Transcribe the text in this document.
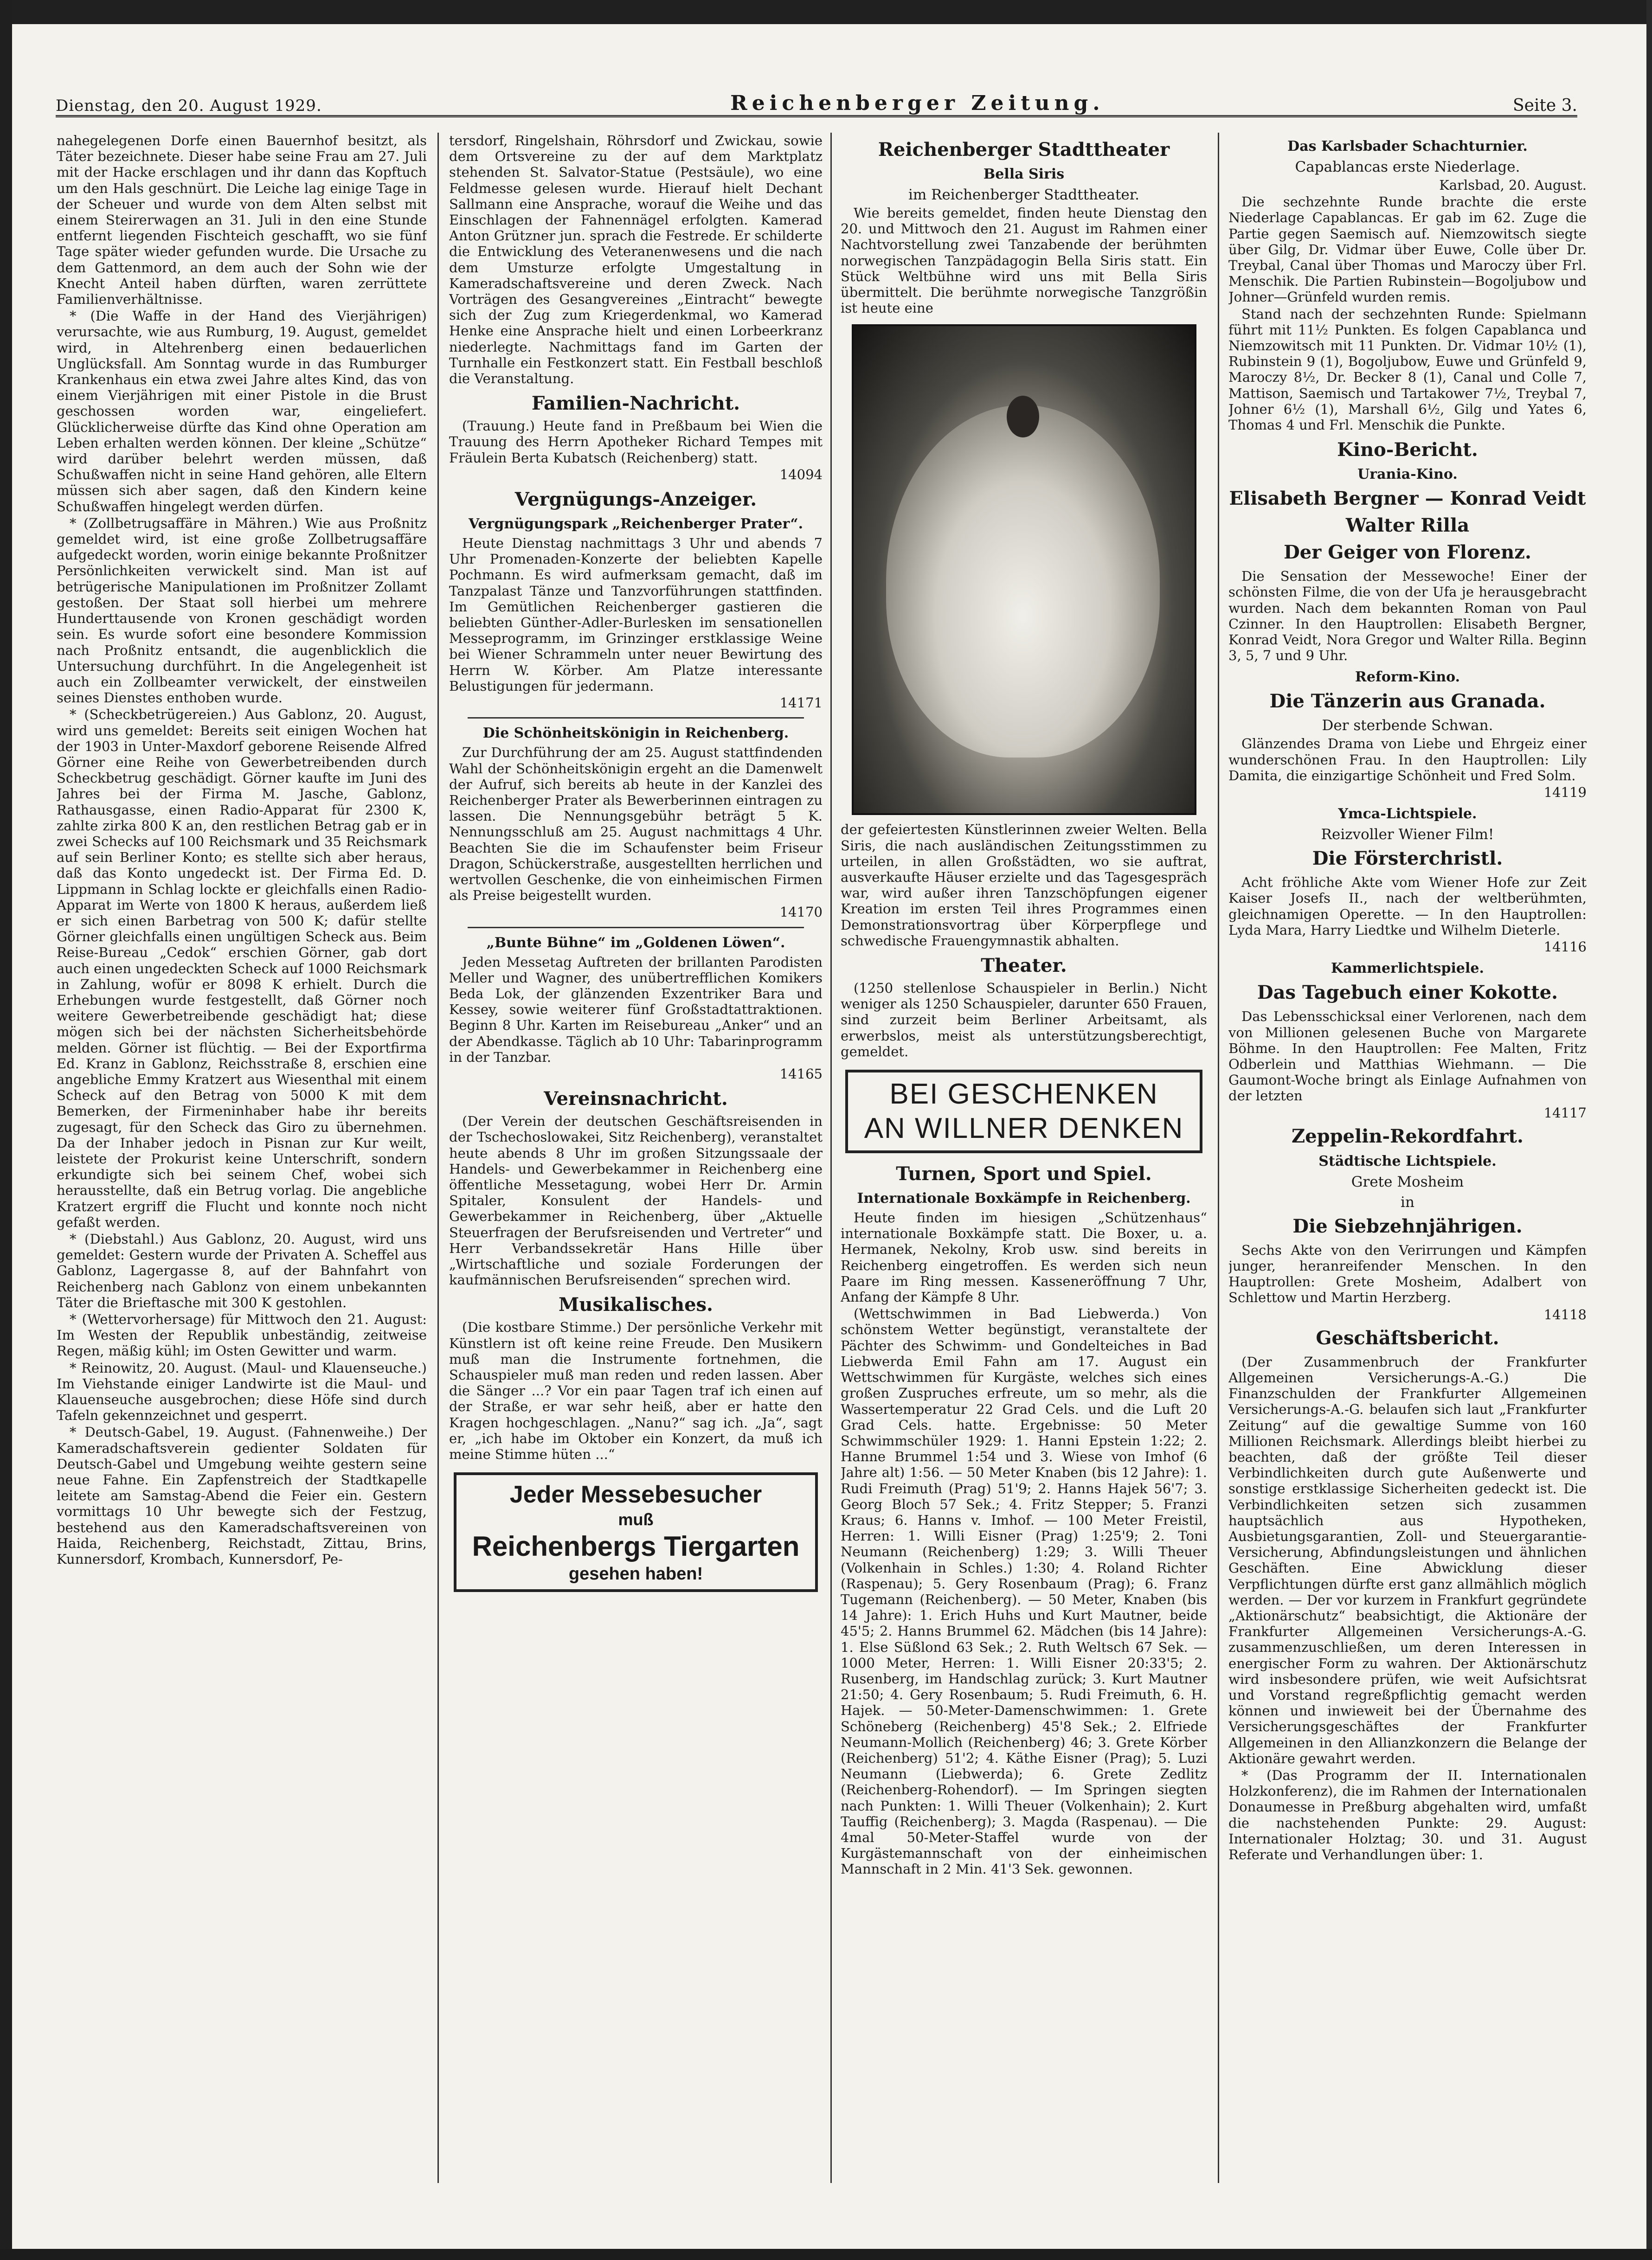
Dienstag, den 20. August 1929.	Reichenberger Zeitung.	Seite 3.

nahegelegenen Dorfe einen Bauernhof besitzt, als Täter bezeichnete. Dieser habe seine Frau am 27. Juli mit der Hacke erschlagen und ihr dann das Kopftuch um den Hals geschnürt. Die Leiche lag einige Tage in der Scheuer und wurde von dem Alten selbst mit einem Steirerwagen an 31. Juli in den eine Stunde entfernt liegenden Fischteich geschafft, wo sie fünf Tage später wieder gefunden wurde. Die Ursache zu dem Gattenmord, an dem auch der Sohn wie der Knecht Anteil haben dürften, waren zerrüttete Familienverhältnisse.

* (Die Waffe in der Hand des Vierjährigen) verursachte, wie aus Rumburg, 19. August, gemeldet wird, in Altehrenberg einen bedauerlichen Unglücksfall. Am Sonntag wurde in das Rumburger Krankenhaus ein etwa zwei Jahre altes Kind, das von einem Vierjährigen mit einer Pistole in die Brust geschossen worden war, eingeliefert. Glücklicherweise dürfte das Kind ohne Operation am Leben erhalten werden können. Der kleine „Schütze“ wird darüber belehrt werden müssen, daß Schußwaffen nicht in seine Hand gehören, alle Eltern müssen sich aber sagen, daß den Kindern keine Schußwaffen hingelegt werden dürfen.

* (Zollbetrugsaffäre in Mähren.) Wie aus Proßnitz gemeldet wird, ist eine große Zollbetrugsaffäre aufgedeckt worden, worin einige bekannte Proßnitzer Persönlichkeiten verwickelt sind. Man ist auf betrügerische Manipulationen im Proßnitzer Zollamt gestoßen. Der Staat soll hierbei um mehrere Hunderttausende von Kronen geschädigt worden sein. Es wurde sofort eine besondere Kommission nach Proßnitz entsandt, die augenblicklich die Untersuchung durchführt. In die Angelegenheit ist auch ein Zollbeamter verwickelt, der einstweilen seines Dienstes enthoben wurde.

* (Scheckbetrügereien.) Aus Gablonz, 20. August, wird uns gemeldet: Bereits seit einigen Wochen hat der 1903 in Unter-Maxdorf geborene Reisende Alfred Görner eine Reihe von Gewerbetreibenden durch Scheckbetrug geschädigt. Görner kaufte im Juni des Jahres bei der Firma M. Jasche, Gablonz, Rathausgasse, einen Radio-Apparat für 2300 K, zahlte zirka 800 K an, den restlichen Betrag gab er in zwei Schecks auf 100 Reichsmark und 35 Reichsmark auf sein Berliner Konto; es stellte sich aber heraus, daß das Konto ungedeckt ist. Der Firma Ed. D. Lippmann in Schlag lockte er gleichfalls einen Radio-Apparat im Werte von 1800 K heraus, außerdem ließ er sich einen Barbetrag von 500 K; dafür stellte Görner gleichfalls einen ungültigen Scheck aus. Beim Reise-Bureau „Cedok“ erschien Görner, gab dort auch einen ungedeckten Scheck auf 1000 Reichsmark in Zahlung, wofür er 8098 K erhielt. Durch die Erhebungen wurde festgestellt, daß Görner noch weitere Gewerbetreibende geschädigt hat; diese mögen sich bei der nächsten Sicherheitsbehörde melden. Görner ist flüchtig. — Bei der Exportfirma Ed. Kranz in Gablonz, Reichsstraße 8, erschien eine angebliche Emmy Kratzert aus Wiesenthal mit einem Scheck auf den Betrag von 5000 K mit dem Bemerken, der Firmeninhaber habe ihr bereits zugesagt, für den Scheck das Giro zu übernehmen. Da der Inhaber jedoch in Pisnan zur Kur weilt, leistete der Prokurist keine Unterschrift, sondern erkundigte sich bei seinem Chef, wobei sich herausstellte, daß ein Betrug vorlag. Die angebliche Kratzert ergriff die Flucht und konnte noch nicht gefaßt werden.

* (Diebstahl.) Aus Gablonz, 20. August, wird uns gemeldet: Gestern wurde der Privaten A. Scheffel aus Gablonz, Lagergasse 8, auf der Bahnfahrt von Reichenberg nach Gablonz von einem unbekannten Täter die Brieftasche mit 300 K gestohlen.

* (Wettervorhersage) für Mittwoch den 21. August: Im Westen der Republik unbeständig, zeitweise Regen, mäßig kühl; im Osten Gewitter und warm.

* Reinowitz, 20. August. (Maul- und Klauenseuche.) Im Viehstande einiger Landwirte ist die Maul- und Klauenseuche ausgebrochen; diese Höfe sind durch Tafeln gekennzeichnet und gesperrt.

* Deutsch-Gabel, 19. August. (Fahnenweihe.) Der Kameradschaftsverein gedienter Soldaten für Deutsch-Gabel und Umgebung weihte gestern seine neue Fahne. Ein Zapfenstreich der Stadtkapelle leitete am Samstag-Abend die Feier ein. Gestern vormittags 10 Uhr bewegte sich der Festzug, bestehend aus den Kameradschaftsvereinen von Haida, Reichenberg, Reichstadt, Zittau, Brins, Kunnersdorf, Krombach, Kunnersdorf, Pe-

tersdorf, Ringelshain, Röhrsdorf und Zwickau, sowie dem Ortsvereine zu der auf dem Marktplatz stehenden St. Salvator-Statue (Pestsäule), wo eine Feldmesse gelesen wurde. Hierauf hielt Dechant Sallmann eine Ansprache, worauf die Weihe und das Einschlagen der Fahnennägel erfolgten. Kamerad Anton Grützner jun. sprach die Festrede. Er schilderte die Entwicklung des Veteranenwesens und die nach dem Umsturze erfolgte Umgestaltung in Kameradschaftsvereine und deren Zweck. Nach Vorträgen des Gesangvereines „Eintracht“ bewegte sich der Zug zum Kriegerdenkmal, wo Kamerad Henke eine Ansprache hielt und einen Lorbeerkranz niederlegte. Nachmittags fand im Garten der Turnhalle ein Festkonzert statt. Ein Festball beschloß die Veranstaltung.

Familien-Nachricht.

(Trauung.) Heute fand in Preßbaum bei Wien die Trauung des Herrn Apotheker Richard Tempes mit Fräulein Berta Kubatsch (Reichenberg) statt.

14094
Vergnügungs-Anzeiger.
Vergnügungspark „Reichenberger Prater“.

Heute Dienstag nachmittags 3 Uhr und abends 7 Uhr Promenaden-Konzerte der beliebten Kapelle Pochmann. Es wird aufmerksam gemacht, daß im Tanzpalast Tänze und Tanzvorführungen stattfinden. Im Gemütlichen Reichenberger gastieren die beliebten Günther-Adler-Burlesken im sensationellen Messeprogramm, im Grinzinger erstklassige Weine bei Wiener Schrammeln unter neuer Bewirtung des Herrn W. Körber. Am Platze interessante Belustigungen für jedermann.

14171
Die Schönheitskönigin in Reichenberg.

Zur Durchführung der am 25. August stattfindenden Wahl der Schönheitskönigin ergeht an die Damenwelt der Aufruf, sich bereits ab heute in der Kanzlei des Reichenberger Prater als Bewerberinnen eintragen zu lassen. Die Nennungsgebühr beträgt 5 K. Nennungsschluß am 25. August nachmittags 4 Uhr. Beachten Sie die im Schaufenster beim Friseur Dragon, Schückerstraße, ausgestellten herrlichen und wertvollen Geschenke, die von einheimischen Firmen als Preise beigestellt wurden.

14170
„Bunte Bühne“ im „Goldenen Löwen“.

Jeden Messetag Auftreten der brillanten Parodisten Meller und Wagner, des unübertrefflichen Komikers Beda Lok, der glänzenden Exzentriker Bara und Kessey, sowie weiterer fünf Großstadtattraktionen. Beginn 8 Uhr. Karten im Reisebureau „Anker“ und an der Abendkasse. Täglich ab 10 Uhr: Tabarinprogramm in der Tanzbar.

14165
Vereinsnachricht.

(Der Verein der deutschen Geschäftsreisenden in der Tschechoslowakei, Sitz Reichenberg), veranstaltet heute abends 8 Uhr im großen Sitzungssaale der Handels- und Gewerbekammer in Reichenberg eine öffentliche Messetagung, wobei Herr Dr. Armin Spitaler, Konsulent der Handels- und Gewerbekammer in Reichenberg, über „Aktuelle Steuerfragen der Berufsreisenden und Vertreter“ und Herr Verbandssekretär Hans Hille über „Wirtschaftliche und soziale Forderungen der kaufmännischen Berufsreisenden“ sprechen wird.

Musikalisches.

(Die kostbare Stimme.) Der persönliche Verkehr mit Künstlern ist oft keine reine Freude. Den Musikern muß man die Instrumente fortnehmen, die Schauspieler muß man reden und reden lassen. Aber die Sänger ...? Vor ein paar Tagen traf ich einen auf der Straße, er war sehr heiß, aber er hatte den Kragen hochgeschlagen. „Nanu?“ sag ich. „Ja“, sagt er, „ich habe im Oktober ein Konzert, da muß ich meine Stimme hüten ...“

Jeder Messebesucher
muß
Reichenbergs Tiergarten
gesehen haben!
Reichenberger Stadttheater
Bella Siris
im Reichenberger Stadttheater.

Wie bereits gemeldet, finden heute Dienstag den 20. und Mittwoch den 21. August im Rahmen einer Nachtvorstellung zwei Tanzabende der berühmten norwegischen Tanzpädagogin Bella Siris statt. Ein Stück Weltbühne wird uns mit Bella Siris übermittelt. Die berühmte norwegische Tanzgrößin ist heute eine

der gefeiertesten Künstlerinnen zweier Welten. Bella Siris, die nach ausländischen Zeitungsstimmen zu urteilen, in allen Großstädten, wo sie auftrat, ausverkaufte Häuser erzielte und das Tagesgespräch war, wird außer ihren Tanzschöpfungen eigener Kreation im ersten Teil ihres Programmes einen Demonstrationsvortrag über Körperpflege und schwedische Frauengymnastik abhalten.

Theater.

(1250 stellenlose Schauspieler in Berlin.) Nicht weniger als 1250 Schauspieler, darunter 650 Frauen, sind zurzeit beim Berliner Arbeitsamt, als erwerbslos, meist als unterstützungsberechtigt, gemeldet.

BEI GESCHENKEN
AN WILLNER DENKEN
Turnen, Sport und Spiel.
Internationale Boxkämpfe in Reichenberg.

Heute finden im hiesigen „Schützenhaus“ internationale Boxkämpfe statt. Die Boxer, u. a. Hermanek, Nekolny, Krob usw. sind bereits in Reichenberg eingetroffen. Es werden sich neun Paare im Ring messen. Kasseneröffnung 7 Uhr, Anfang der Kämpfe 8 Uhr.

(Wettschwimmen in Bad Liebwerda.) Von schönstem Wetter begünstigt, veranstaltete der Pächter des Schwimm- und Gondelteiches in Bad Liebwerda Emil Fahn am 17. August ein Wettschwimmen für Kurgäste, welches sich eines großen Zuspruches erfreute, um so mehr, als die Wassertemperatur 22 Grad Cels. und die Luft 20 Grad Cels. hatte. Ergebnisse: 50 Meter Schwimmschüler 1929: 1. Hanni Epstein 1:22; 2. Hanne Brummel 1:54 und 3. Wiese von Imhof (6 Jahre alt) 1:56. — 50 Meter Knaben (bis 12 Jahre): 1. Rudi Freimuth (Prag) 51'9; 2. Hanns Hajek 56'7; 3. Georg Bloch 57 Sek.; 4. Fritz Stepper; 5. Franzi Kraus; 6. Hanns v. Imhof. — 100 Meter Freistil, Herren: 1. Willi Eisner (Prag) 1:25'9; 2. Toni Neumann (Reichenberg) 1:29; 3. Willi Theuer (Volkenhain in Schles.) 1:30; 4. Roland Richter (Raspenau); 5. Gery Rosenbaum (Prag); 6. Franz Tugemann (Reichenberg). — 50 Meter, Knaben (bis 14 Jahre): 1. Erich Huhs und Kurt Mautner, beide 45'5; 2. Hanns Brummel 62. Mädchen (bis 14 Jahre): 1. Else Süßlond 63 Sek.; 2. Ruth Weltsch 67 Sek. — 1000 Meter, Herren: 1. Willi Eisner 20:33'5; 2. Rusenberg, im Handschlag zurück; 3. Kurt Mautner 21:50; 4. Gery Rosenbaum; 5. Rudi Freimuth, 6. H. Hajek. — 50-Meter-Damenschwimmen: 1. Grete Schöneberg (Reichenberg) 45'8 Sek.; 2. Elfriede Neumann-Mollich (Reichenberg) 46; 3. Grete Körber (Reichenberg) 51'2; 4. Käthe Eisner (Prag); 5. Luzi Neumann (Liebwerda); 6. Grete Zedlitz (Reichenberg-Rohendorf). — Im Springen siegten nach Punkten: 1. Willi Theuer (Volkenhain); 2. Kurt Tauffig (Reichenberg); 3. Magda (Raspenau). — Die 4mal 50-Meter-Staffel wurde von der Kurgästemannschaft von der einheimischen Mannschaft in 2 Min. 41'3 Sek. gewonnen.

Das Karlsbader Schachturnier.
Capablancas erste Niederlage.

Karlsbad, 20. August.

Die sechzehnte Runde brachte die erste Niederlage Capablancas. Er gab im 62. Zuge die Partie gegen Saemisch auf. Niemzowitsch siegte über Gilg, Dr. Vidmar über Euwe, Colle über Dr. Treybal, Canal über Thomas und Maroczy über Frl. Menschik. Die Partien Rubinstein—Bogoljubow und Johner—Grünfeld wurden remis.

Stand nach der sechzehnten Runde: Spielmann führt mit 11½ Punkten. Es folgen Capablanca und Niemzowitsch mit 11 Punkten. Dr. Vidmar 10½ (1), Rubinstein 9 (1), Bogoljubow, Euwe und Grünfeld 9, Maroczy 8½, Dr. Becker 8 (1), Canal und Colle 7, Mattison, Saemisch und Tartakower 7½, Treybal 7, Johner 6½ (1), Marshall 6½, Gilg und Yates 6, Thomas 4 und Frl. Menschik die Punkte.

Kino-Bericht.
Urania-Kino.
Elisabeth Bergner — Konrad Veidt
Walter Rilla
Der Geiger von Florenz.

Die Sensation der Messewoche! Einer der schönsten Filme, die von der Ufa je herausgebracht wurden. Nach dem bekannten Roman von Paul Czinner. In den Hauptrollen: Elisabeth Bergner, Konrad Veidt, Nora Gregor und Walter Rilla. Beginn 3, 5, 7 und 9 Uhr.

Reform-Kino.
Die Tänzerin aus Granada.
Der sterbende Schwan.

Glänzendes Drama von Liebe und Ehrgeiz einer wunderschönen Frau. In den Hauptrollen: Lily Damita, die einzigartige Schönheit und Fred Solm.

14119
Ymca-Lichtspiele.
Reizvoller Wiener Film!
Die Försterchristl.

Acht fröhliche Akte vom Wiener Hofe zur Zeit Kaiser Josefs II., nach der weltberühmten, gleichnamigen Operette. — In den Hauptrollen: Lyda Mara, Harry Liedtke und Wilhelm Dieterle.

14116
Kammerlichtspiele.
Das Tagebuch einer Kokotte.

Das Lebensschicksal einer Verlorenen, nach dem von Millionen gelesenen Buche von Margarete Böhme. In den Hauptrollen: Fee Malten, Fritz Odberlein und Matthias Wiehmann. — Die Gaumont-Woche bringt als Einlage Aufnahmen von der letzten

14117
Zeppelin-Rekordfahrt.
Städtische Lichtspiele.
Grete Mosheim
in
Die Siebzehnjährigen.

Sechs Akte von den Verirrungen und Kämpfen junger, heranreifender Menschen. In den Hauptrollen: Grete Mosheim, Adalbert von Schlettow und Martin Herzberg.

14118
Geschäftsbericht.

(Der Zusammenbruch der Frankfurter Allgemeinen Versicherungs-A.-G.) Die Finanzschulden der Frankfurter Allgemeinen Versicherungs-A.-G. belaufen sich laut „Frankfurter Zeitung“ auf die gewaltige Summe von 160 Millionen Reichsmark. Allerdings bleibt hierbei zu beachten, daß der größte Teil dieser Verbindlichkeiten durch gute Außenwerte und sonstige erstklassige Sicherheiten gedeckt ist. Die Verbindlichkeiten setzen sich zusammen hauptsächlich aus Hypotheken, Ausbietungsgarantien, Zoll- und Steuergarantie-Versicherung, Abfindungsleistungen und ähnlichen Geschäften. Eine Abwicklung dieser Verpflichtungen dürfte erst ganz allmählich möglich werden. — Der vor kurzem in Frankfurt gegründete „Aktionärschutz“ beabsichtigt, die Aktionäre der Frankfurter Allgemeinen Versicherungs-A.-G. zusammenzuschließen, um deren Interessen in energischer Form zu wahren. Der Aktionärschutz wird insbesondere prüfen, wie weit Aufsichtsrat und Vorstand regreßpflichtig gemacht werden können und inwieweit bei der Übernahme des Versicherungsgeschäftes der Frankfurter Allgemeinen in den Allianzkonzern die Belange der Aktionäre gewahrt werden.

* (Das Programm der II. Internationalen Holzkonferenz), die im Rahmen der Internationalen Donaumesse in Preßburg abgehalten wird, umfaßt die nachstehenden Punkte: 29. August: Internationaler Holztag; 30. und 31. August Referate und Verhandlungen über: 1.
